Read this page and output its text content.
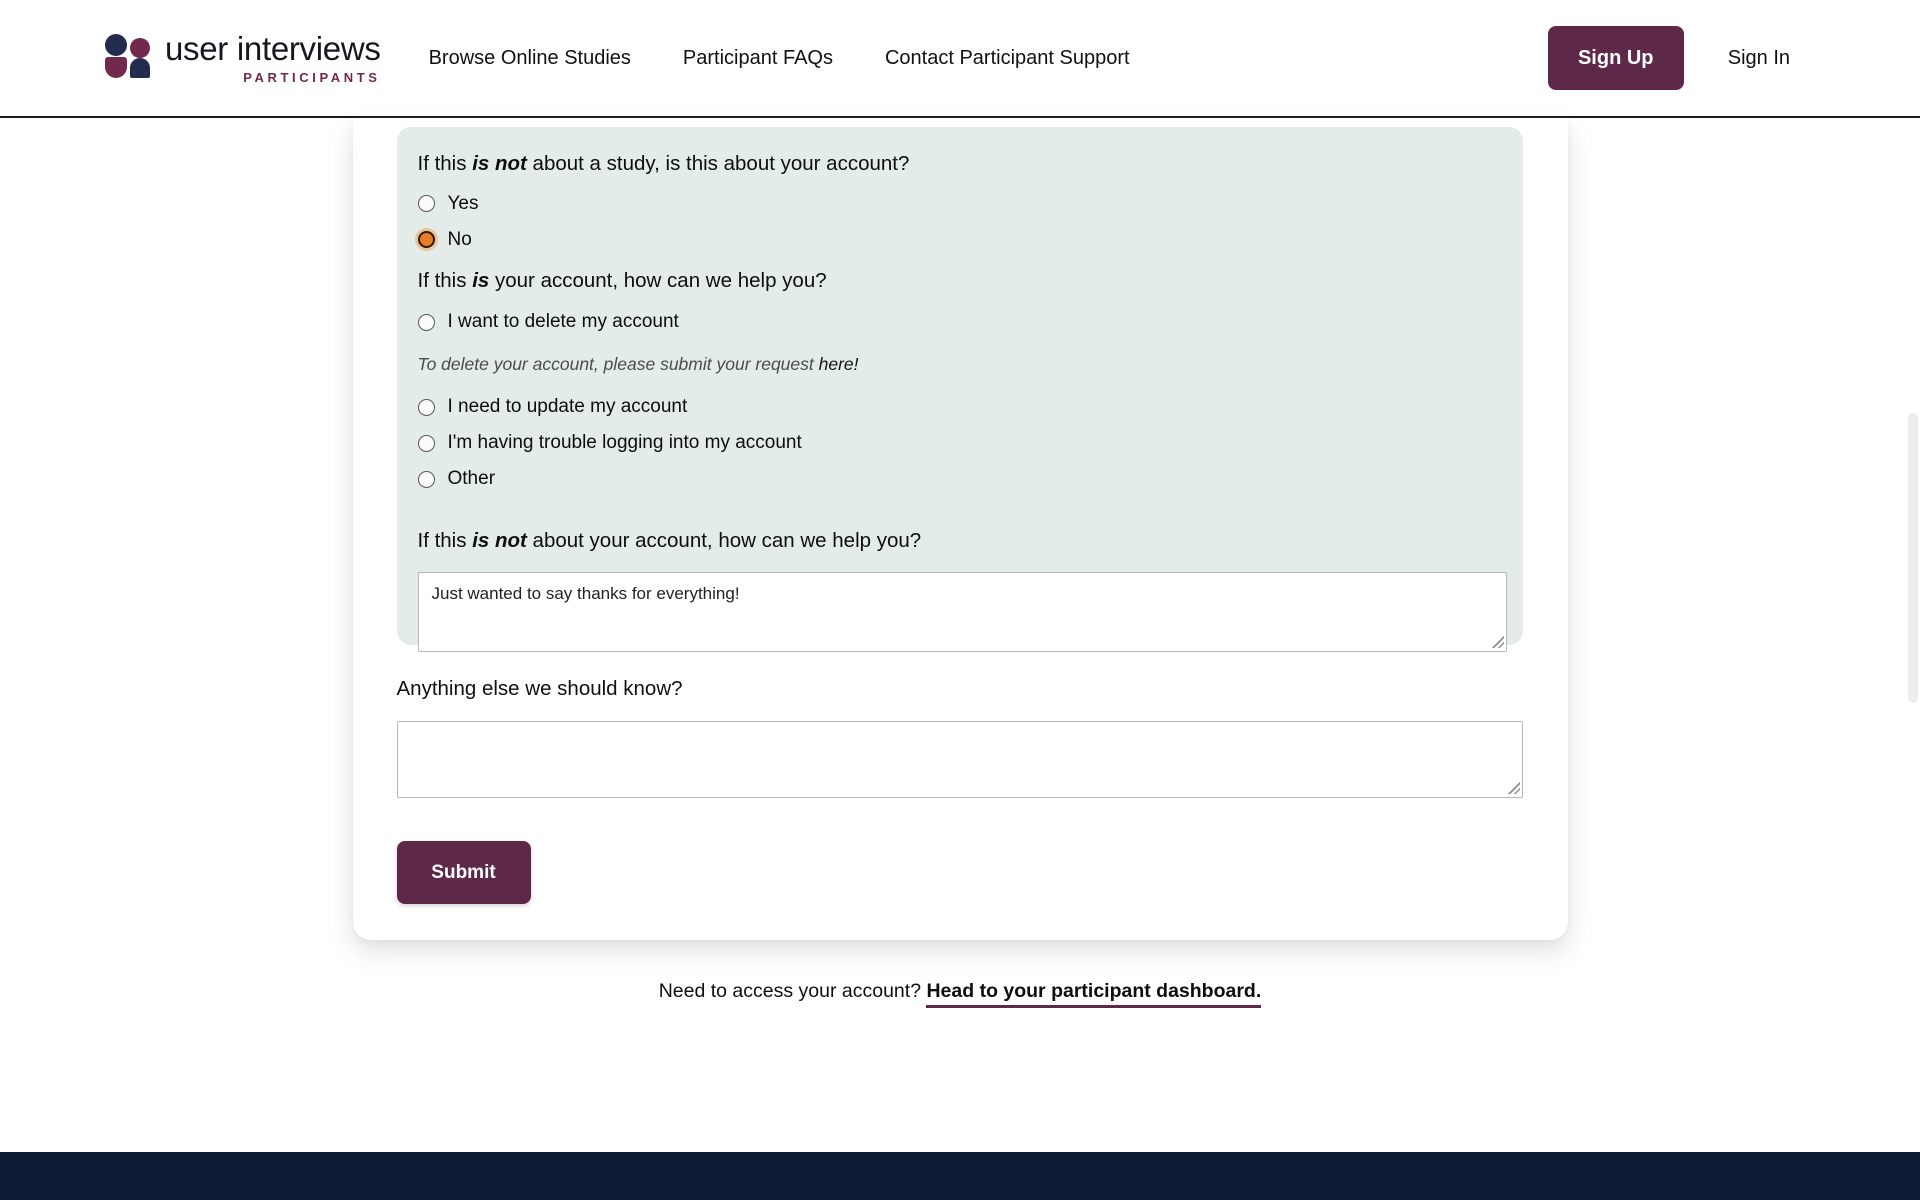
user interviews
PARTICIPANTS
Browse Online Studies	Participant FAQs	Contact Participant Support	Sign Up	Sign In
If this is not about a study, is this about your account?
Yes
No
If this is your account, how can we help you?
I want to delete my account
To delete your account, please submit your request here!
I need to update my account
I'm having trouble logging into my account
Other
If this is not about your account, how can we help you?
Just wanted to say thanks for everything!
Anything else we should know?
Submit
Need to access your account? Head to your participant dashboard.
